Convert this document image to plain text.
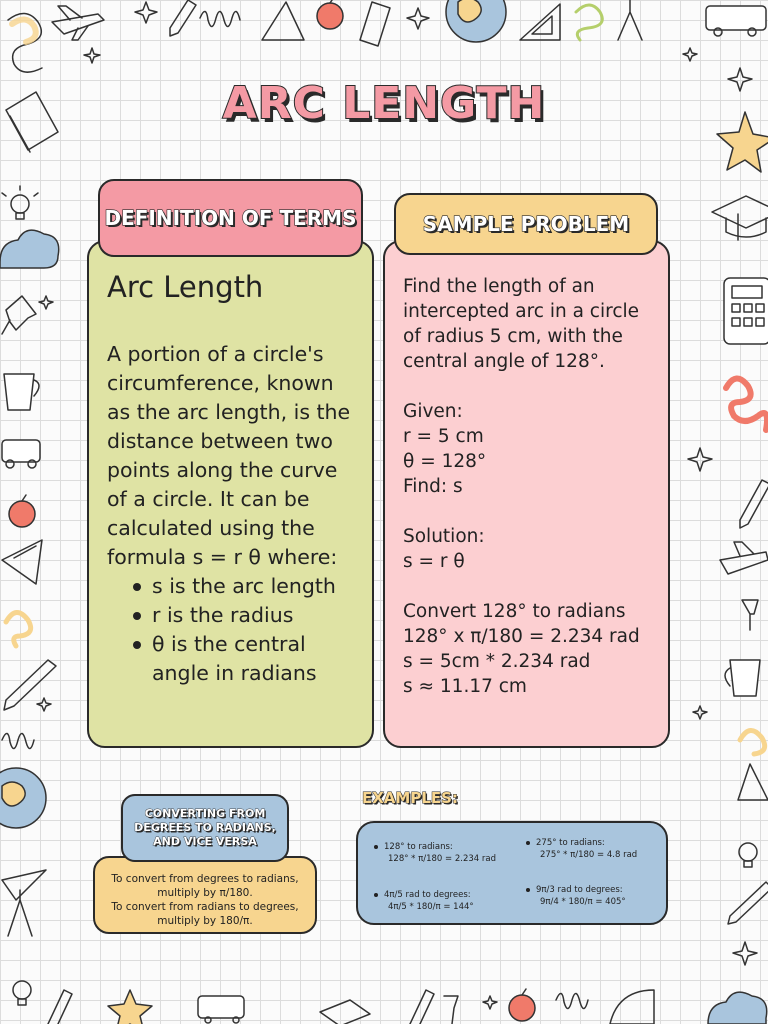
ARC LENGTH
Arc Length
A portion of a circle's circumference, known as the arc length, is the distance between two points along the curve of a circle. It can be calculated using the formula s = r θ where:
s is the arc length
r is the radius
θ is the central angle in radians
DEFINITION OF TERMS
Find the length of an intercepted arc in a circle of radius 5 cm, with the central angle of 128°.
Given:
r = 5 cm
θ = 128°
Find: s
Solution:
s = r θ
Convert 128° to radians
128° x π/180 = 2.234 rad
s = 5cm * 2.234 rad
s ≈ 11.17 cm
SAMPLE PROBLEM
To convert from degrees to radians, multiply by π/180.
To convert from radians to degrees, multiply by 180/π.
CONVERTING FROM DEGREES TO RADIANS, AND VICE VERSA
EXAMPLES:
128° to radians:
128° * π/180 = 2.234 rad
275° to radians:
275° * π/180 = 4.8 rad
4π/5 rad to degrees:
4π/5 * 180/π = 144°
9π/3 rad to degrees:
9π/4 * 180/π = 405°
